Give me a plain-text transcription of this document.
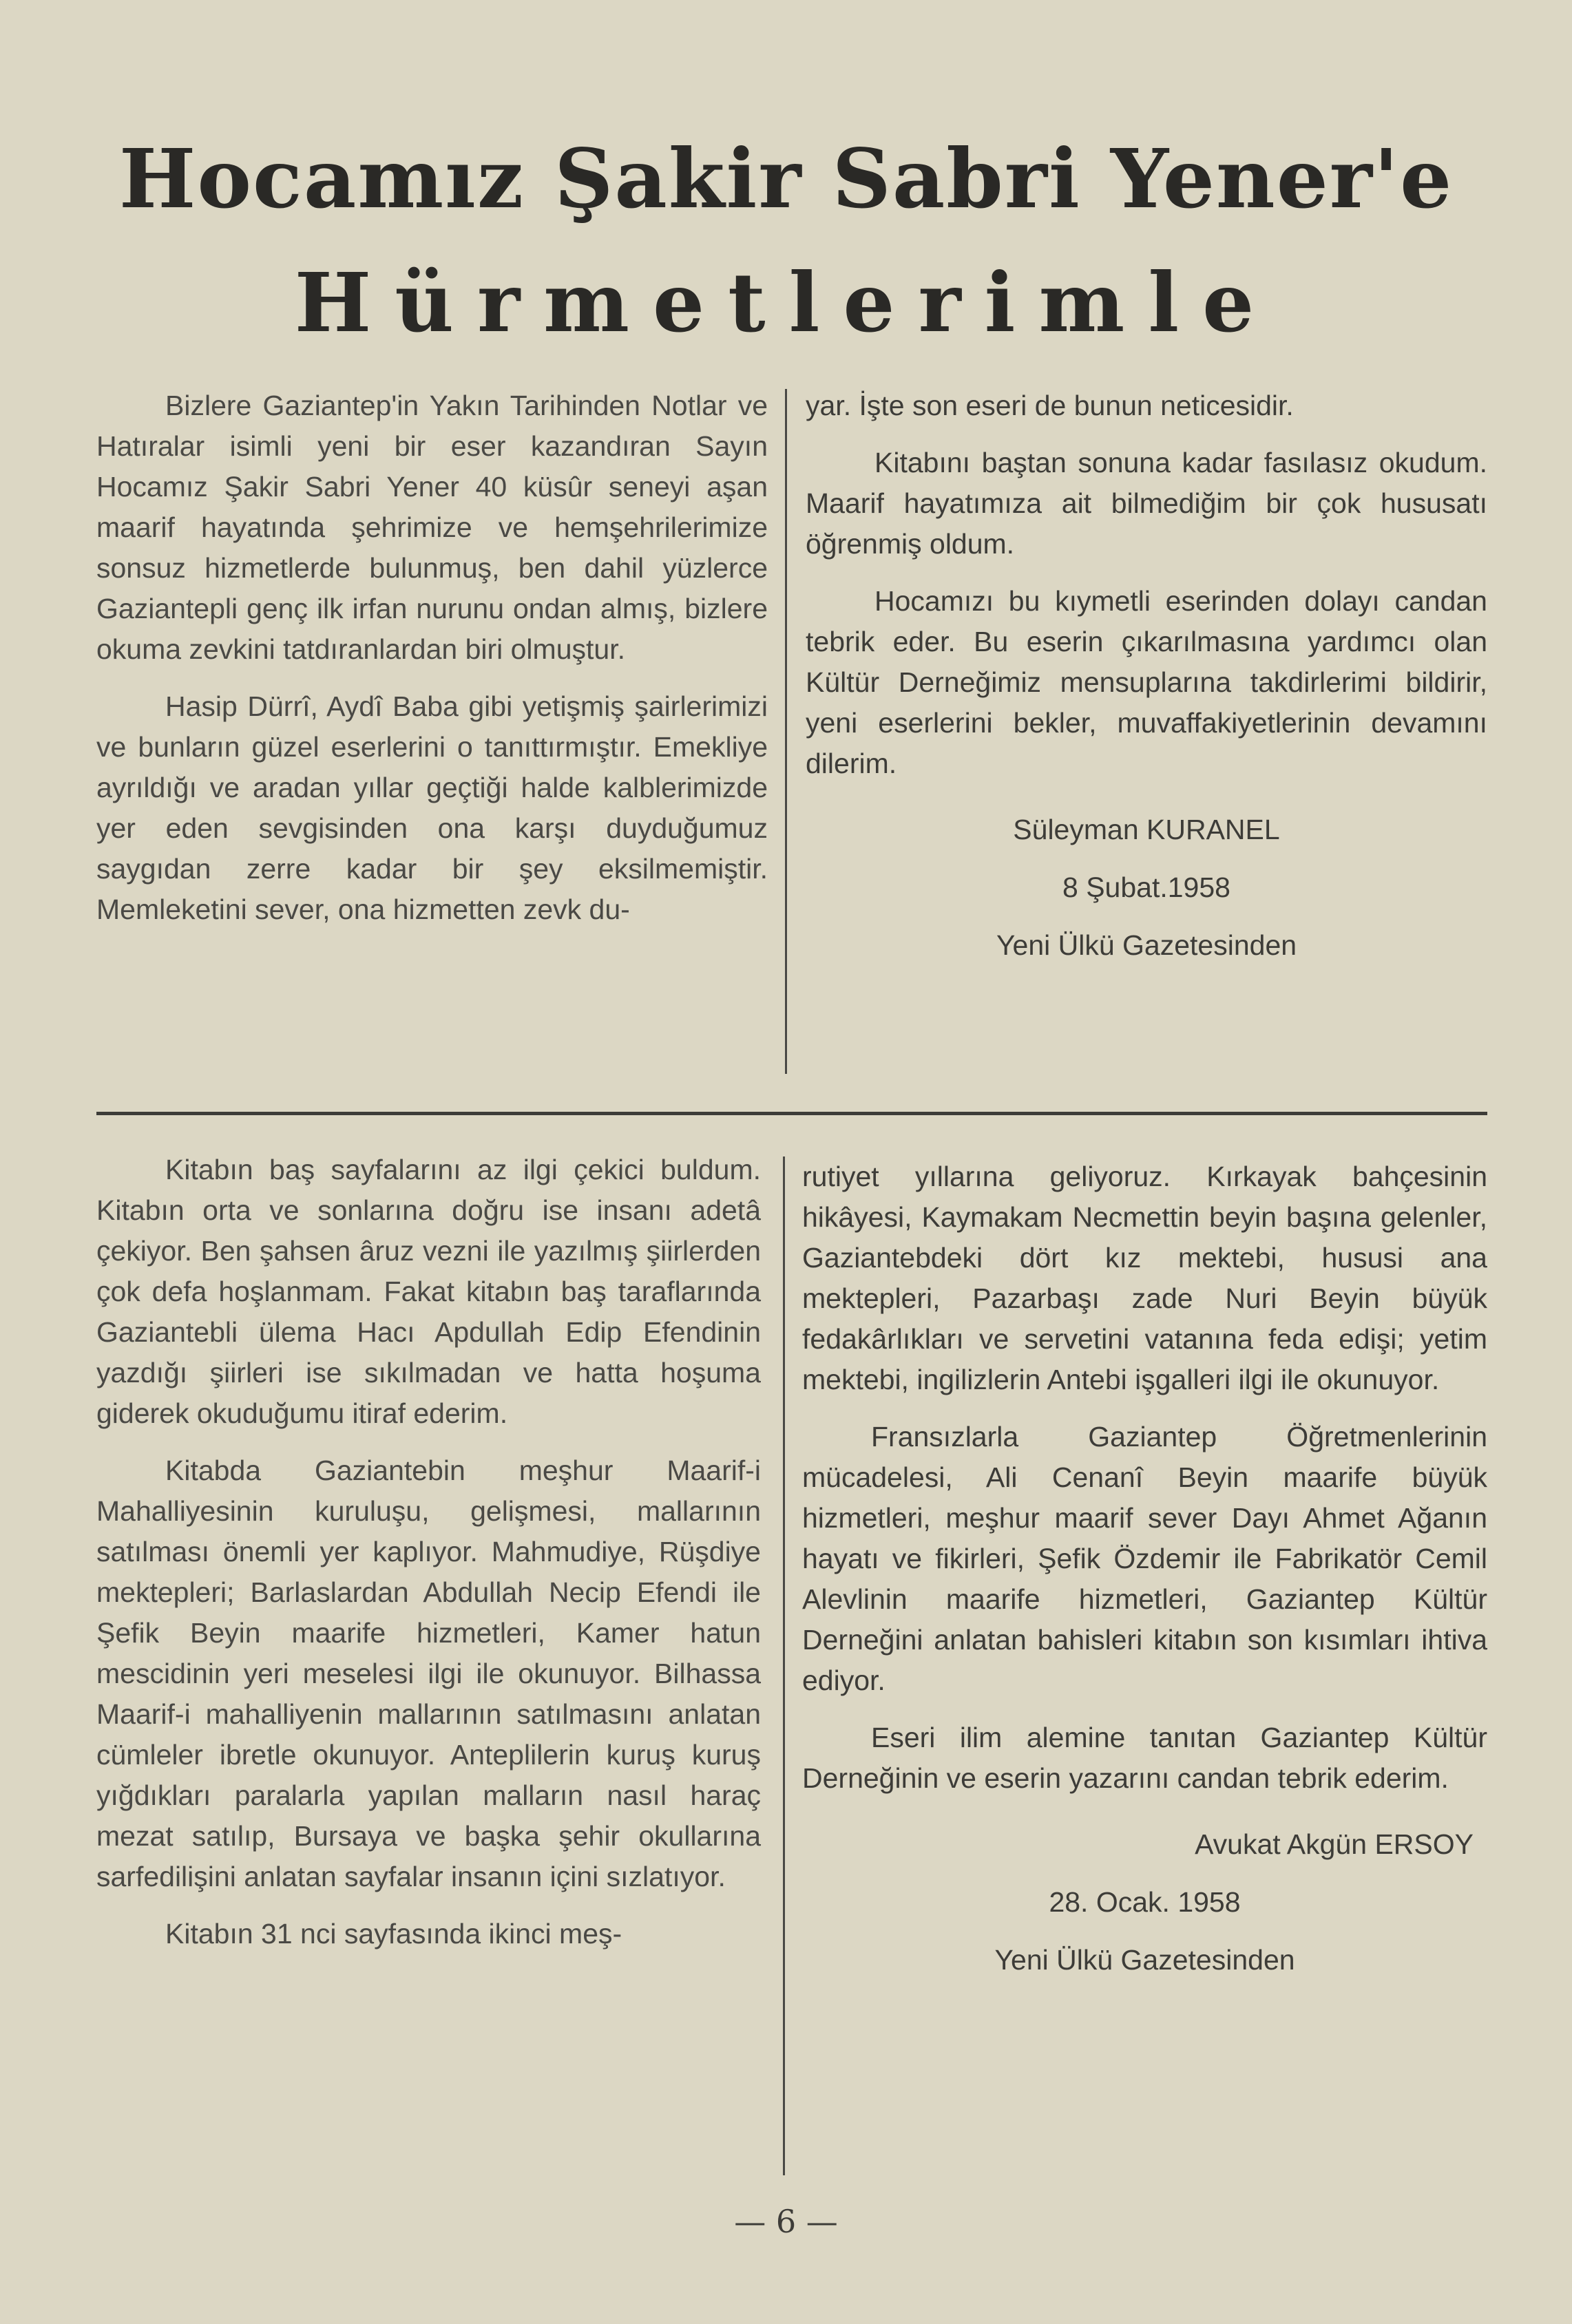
Hocamız Şakir Sabri Yener'e
Hürmetlerimle

Bizlere Gaziantep'in Yakın Tarihinden Notlar ve Hatıralar isimli yeni bir eser kazandıran Sayın Hocamız Şakir Sabri Yener 40 küsûr seneyi aşan maarif hayatında şehrimize ve hemşehrilerimize sonsuz hizmetlerde bulunmuş, ben dahil yüzlerce Gaziantepli genç ilk irfan nurunu ondan almış, bizlere okuma zevkini tatdıranlardan biri olmuştur.

Hasip Dürrî, Aydî Baba gibi yetişmiş şairlerimizi ve bunların güzel eserlerini o tanıttırmıştır. Emekliye ayrıldığı ve aradan yıllar geçtiği halde kalblerimizde yer eden sevgisinden ona karşı duyduğumuz saygıdan zerre kadar bir şey eksilmemiştir. Memleketini sever, ona hizmetten zevk du-

yar. İşte son eseri de bunun neticesidir.

Kitabını baştan sonuna kadar fasılasız okudum. Maarif hayatımıza ait bilmediğim bir çok hususatı öğrenmiş oldum.

Hocamızı bu kıymetli eserinden dolayı candan tebrik eder. Bu eserin çıkarılmasına yardımcı olan Kültür Derneğimiz mensuplarına takdirlerimi bildirir, yeni eserlerini bekler, muvaffakiyetlerinin devamını dilerim.

Süleyman KURANEL

8 Şubat.1958

Yeni Ülkü Gazetesinden

Kitabın baş sayfalarını az ilgi çekici buldum. Kitabın orta ve sonlarına doğru ise insanı adetâ çekiyor. Ben şahsen âruz vezni ile yazılmış şiirlerden çok defa hoşlanmam. Fakat kitabın baş taraflarında Gaziantebli ülema Hacı Apdullah Edip Efendinin yazdığı şiirleri ise sıkılmadan ve hatta hoşuma giderek okuduğumu itiraf ederim.

Kitabda Gaziantebin meşhur Maarif-i Mahalliyesinin kuruluşu, gelişmesi, mallarının satılması önemli yer kaplıyor. Mahmudiye, Rüşdiye mektepleri; Barlaslardan Abdullah Necip Efendi ile Şefik Beyin maarife hizmetleri, Kamer hatun mescidinin yeri meselesi ilgi ile okunuyor. Bilhassa Maarif-i mahalliyenin mallarının satılmasını anlatan cümleler ibretle okunuyor. Anteplilerin kuruş kuruş yığdıkları paralarla yapılan malların nasıl haraç mezat satılıp, Bursaya ve başka şehir okullarına sarfedilişini anlatan sayfalar insanın içini sızlatıyor.

Kitabın 31 nci sayfasında ikinci meş-

rutiyet yıllarına geliyoruz. Kırkayak bahçesinin hikâyesi, Kaymakam Necmettin beyin başına gelenler, Gaziantebdeki dört kız mektebi, hususi ana mektepleri, Pazarbaşı zade Nuri Beyin büyük fedakârlıkları ve servetini vatanına feda edişi; yetim mektebi, ingilizlerin Antebi işgalleri ilgi ile okunuyor.

Fransızlarla Gaziantep Öğretmenlerinin mücadelesi, Ali Cenanî Beyin maarife büyük hizmetleri, meşhur maarif sever Dayı Ahmet Ağanın hayatı ve fikirleri, Şefik Özdemir ile Fabrikatör Cemil Alevlinin maarife hizmetleri, Gaziantep Kültür Derneğini anlatan bahisleri kitabın son kısımları ihtiva ediyor.

Eseri ilim alemine tanıtan Gaziantep Kültür Derneğinin ve eserin yazarını candan tebrik ederim.

Avukat Akgün ERSOY

28. Ocak. 1958

Yeni Ülkü Gazetesinden

— 6 —
